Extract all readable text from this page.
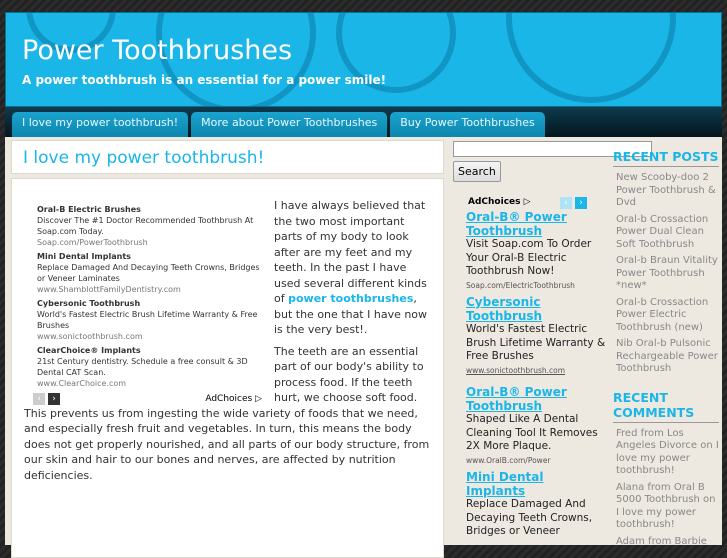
Power Toothbrushes
A power toothbrush is an essential for a power smile!
I love my power toothbrush!	More about Power Toothbrushes	Buy Power Toothbrushes
I love my power toothbrush!
Oral-B Electric Brushes
Discover The #1 Doctor Recommended Toothbrush At Soap.com Today.
Soap.com/PowerToothbrush
Mini Dental Implants
Replace Damaged And Decaying Teeth Crowns, Bridges or Veneer Laminates
www.ShamblottFamilyDentistry.com
Cybersonic Toothbrush
World's Fastest Electric Brush Lifetime Warranty & Free Brushes
www.sonictoothbrush.com
ClearChoice® Implants
21st Century dentistry. Schedule a free consult & 3D Dental CAT Scan.
www.ClearChoice.com
‹	›	AdChoices ▷

I have always believed that the two most important parts of my body to look after are my feet and my teeth. In the past I have used several different kinds of power toothbrushes, but the one that I have now is the very best!.

The teeth are an essential part of our body's ability to process food. If the teeth hurt, we choose soft food. This prevents us from ingesting the wide variety of foods that we need, and especially fresh fruit and vegetables. In turn, this means the body does not get properly nourished, and all parts of our body structure, from our skin and hair to our bones and nerves, are affected by nutrition deficiencies.

Search
AdChoices ▷	‹	›
Oral-B® Power Toothbrush
Visit Soap.com To Order Your Oral-B Electric Toothbrush Now!
Soap.com/ElectricToothbrush
Cybersonic Toothbrush
World's Fastest Electric Brush Lifetime Warranty & Free Brushes
www.sonictoothbrush.com
Oral-B® Power Toothbrush
Shaped Like A Dental Cleaning Tool It Removes 2X More Plaque.
www.OralB.com/Power
Mini Dental Implants
Replace Damaged And Decaying Teeth Crowns, Bridges or Veneer
RECENT POSTS
New Scooby-doo 2 Power Toothbrush & Dvd
Oral-b Crossaction Power Dual Clean Soft Toothbrush
Oral-b Braun Vitality Power Toothbrush *new*
Oral-b Crossaction Power Electric Toothbrush (new)
Nib Oral-b Pulsonic Rechargeable Power Toothbrush
RECENT COMMENTS
Fred from Los Angeles Divorce on I love my power toothbrush!
Alana from Oral B 5000 Toothbrush on I love my power toothbrush!
Adam from Barbie
